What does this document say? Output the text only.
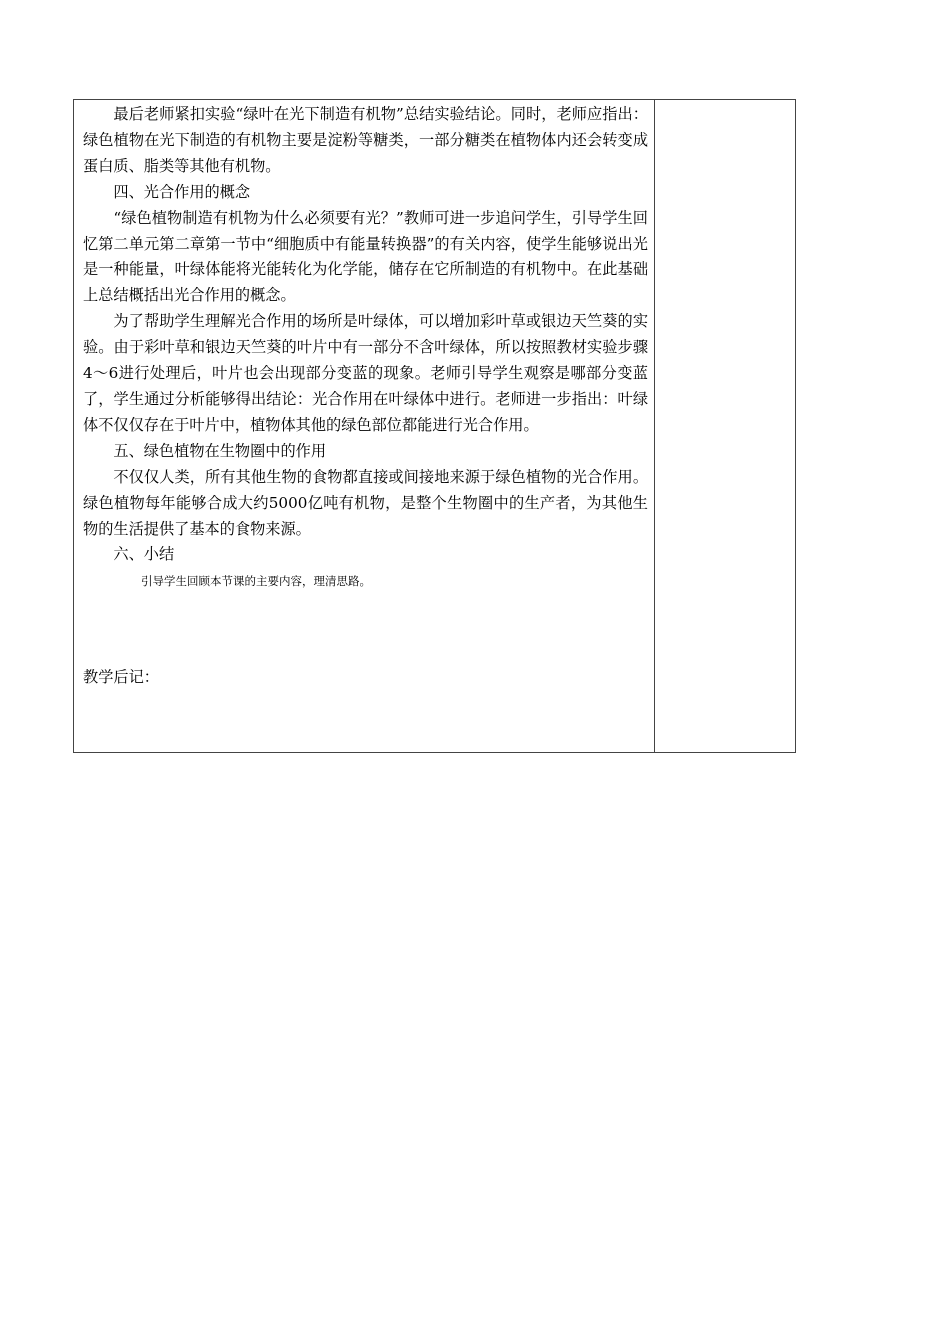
最后老师紧扣实验“绿叶在光下制造有机物”总结实验结论。同时，老师应指出：绿色植物在光下制造的有机物主要是淀粉等糖类，一部分糖类在植物体内还会转变成蛋白质、脂类等其他有机物。

四、光合作用的概念

“绿色植物制造有机物为什么必须要有光？”教师可进一步追问学生，引导学生回忆第二单元第二章第一节中“细胞质中有能量转换器”的有关内容，使学生能够说出光是一种能量，叶绿体能将光能转化为化学能，储存在它所制造的有机物中。在此基础上总结概括出光合作用的概念。

为了帮助学生理解光合作用的场所是叶绿体，可以增加彩叶草或银边天竺葵的实验。由于彩叶草和银边天竺葵的叶片中有一部分不含叶绿体，所以按照教材实验步骤4～6进行处理后，叶片也会出现部分变蓝的现象。老师引导学生观察是哪部分变蓝了，学生通过分析能够得出结论：光合作用在叶绿体中进行。老师进一步指出：叶绿体不仅仅存在于叶片中，植物体其他的绿色部位都能进行光合作用。

五、绿色植物在生物圈中的作用

不仅仅人类，所有其他生物的食物都直接或间接地来源于绿色植物的光合作用。绿色植物每年能够合成大约5000亿吨有机物，是整个生物圈中的生产者，为其他生物的生活提供了基本的食物来源。

六、小结

引导学生回顾本节课的主要内容，理清思路。

教学后记：
